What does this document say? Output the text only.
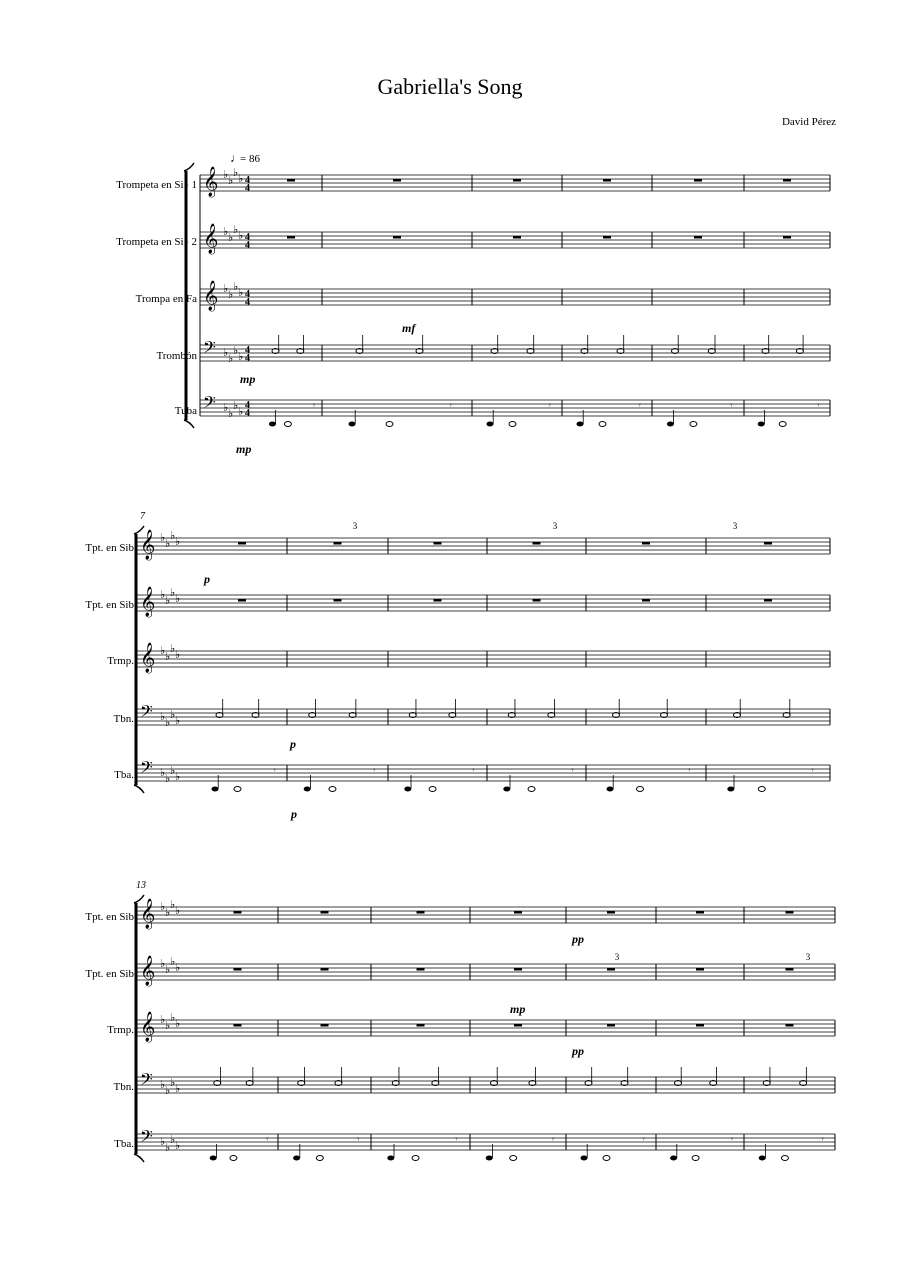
Gabriella's Song
David Pérez
♩
= 86
Trompeta en Si♭ 1
Trompeta en Si♭ 2
Trompa en Fa
Trombón
Tuba
mp
mf
mp
7
Tpt. en Sib
Tpt. en Sib
Trmp.
Tbn.
Tba.
p
p
p
3	3	3
13
Tpt. en Sib
Tpt. en Sib
Trmp.
Tbn.
Tba.
pp
mp
pp
3	3
𝄞 ♭ ♭
♭ ♭ 4
4
𝄞 ♭ ♭
♭ ♭ 4
4
𝄞 ♭ ♭
♭ ♭ 4
4
𝄢 ♭ ♭
♭ ♭
4
4
𝄢 ♭ ♭
♭ ♭
4
4
𝄾	𝄾	𝄾	𝄾	𝄾	𝄾
𝄞 ♭ ♭
♭ ♭
𝄞 ♭ ♭
♭ ♭
𝄞 ♭ ♭
♭ ♭
𝄢 ♭ ♭
♭ ♭
𝄢 ♭ ♭
♭ ♭
𝄾	𝄾	𝄾	𝄾	𝄾	𝄾
𝄞 ♭ ♭
♭ ♭
𝄞 ♭ ♭
♭ ♭
𝄞 ♭ ♭
♭ ♭
𝄢 ♭ ♭
♭ ♭
𝄢 ♭ ♭
♭ ♭
𝄾	𝄾	𝄾	𝄾	𝄾	𝄾	𝄾
